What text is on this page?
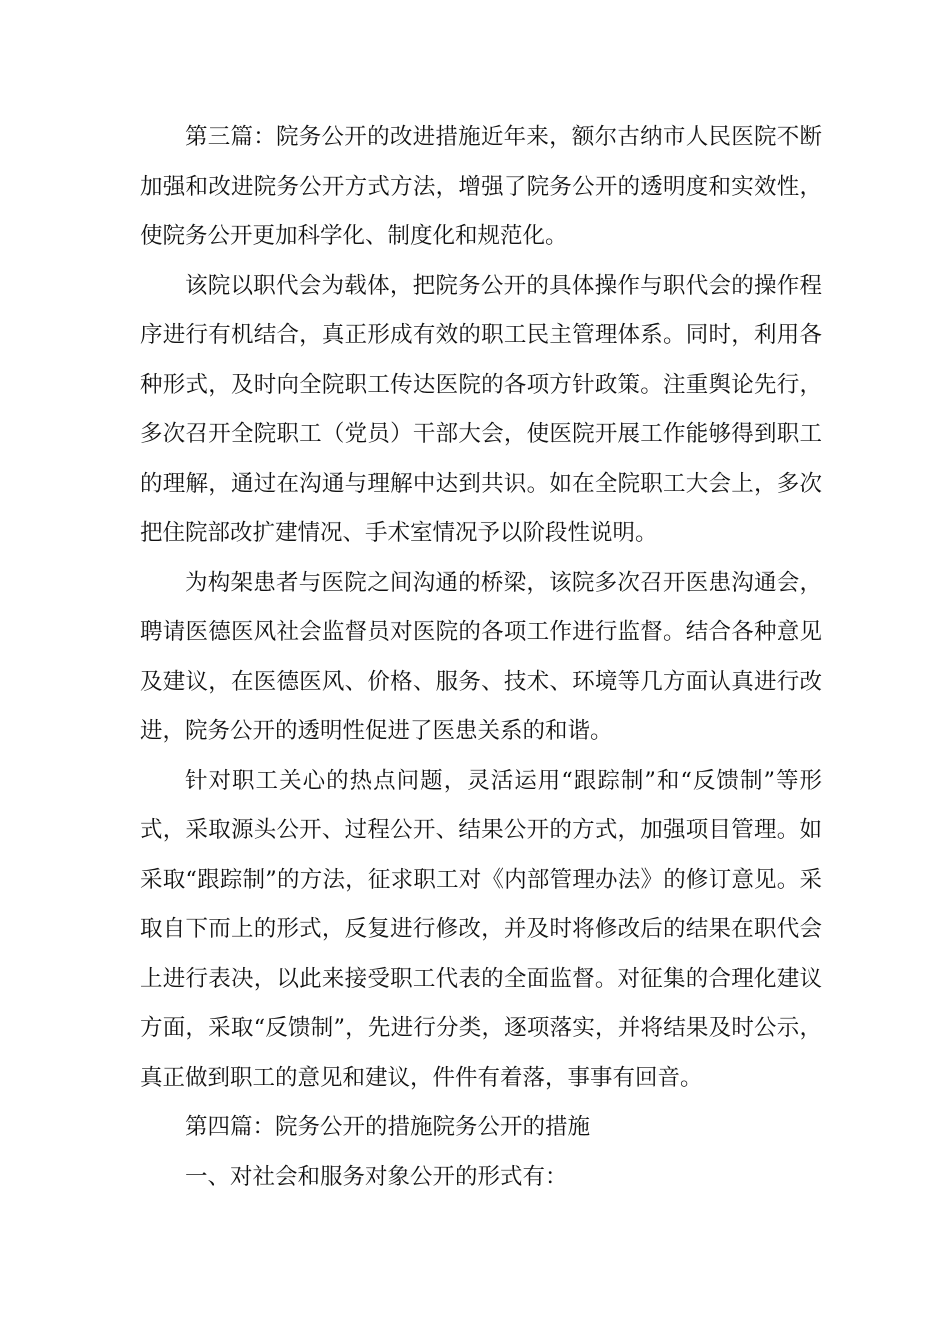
第三篇：院务公开的改进措施近年来，额尔古纳市人民医院不断加强和改进院务公开方式方法，增强了院务公开的透明度和实效性，使院务公开更加科学化、制度化和规范化。

该院以职代会为载体，把院务公开的具体操作与职代会的操作程序进行有机结合，真正形成有效的职工民主管理体系。同时，利用各种形式，及时向全院职工传达医院的各项方针政策。注重舆论先行，多次召开全院职工（党员）干部大会，使医院开展工作能够得到职工的理解，通过在沟通与理解中达到共识。如在全院职工大会上，多次把住院部改扩建情况、手术室情况予以阶段性说明。

为构架患者与医院之间沟通的桥梁，该院多次召开医患沟通会，聘请医德医风社会监督员对医院的各项工作进行监督。结合各种意见及建议，在医德医风、价格、服务、技术、环境等几方面认真进行改进，院务公开的透明性促进了医患关系的和谐。

针对职工关心的热点问题，灵活运用“跟踪制”和“反馈制”等形式，采取源头公开、过程公开、结果公开的方式，加强项目管理。如采取“跟踪制”的方法，征求职工对《内部管理办法》的修订意见。采取自下而上的形式，反复进行修改，并及时将修改后的结果在职代会上进行表决，以此来接受职工代表的全面监督。对征集的合理化建议方面，采取“反馈制”，先进行分类，逐项落实，并将结果及时公示，真正做到职工的意见和建议，件件有着落，事事有回音。

第四篇：院务公开的措施院务公开的措施

一、对社会和服务对象公开的形式有：
